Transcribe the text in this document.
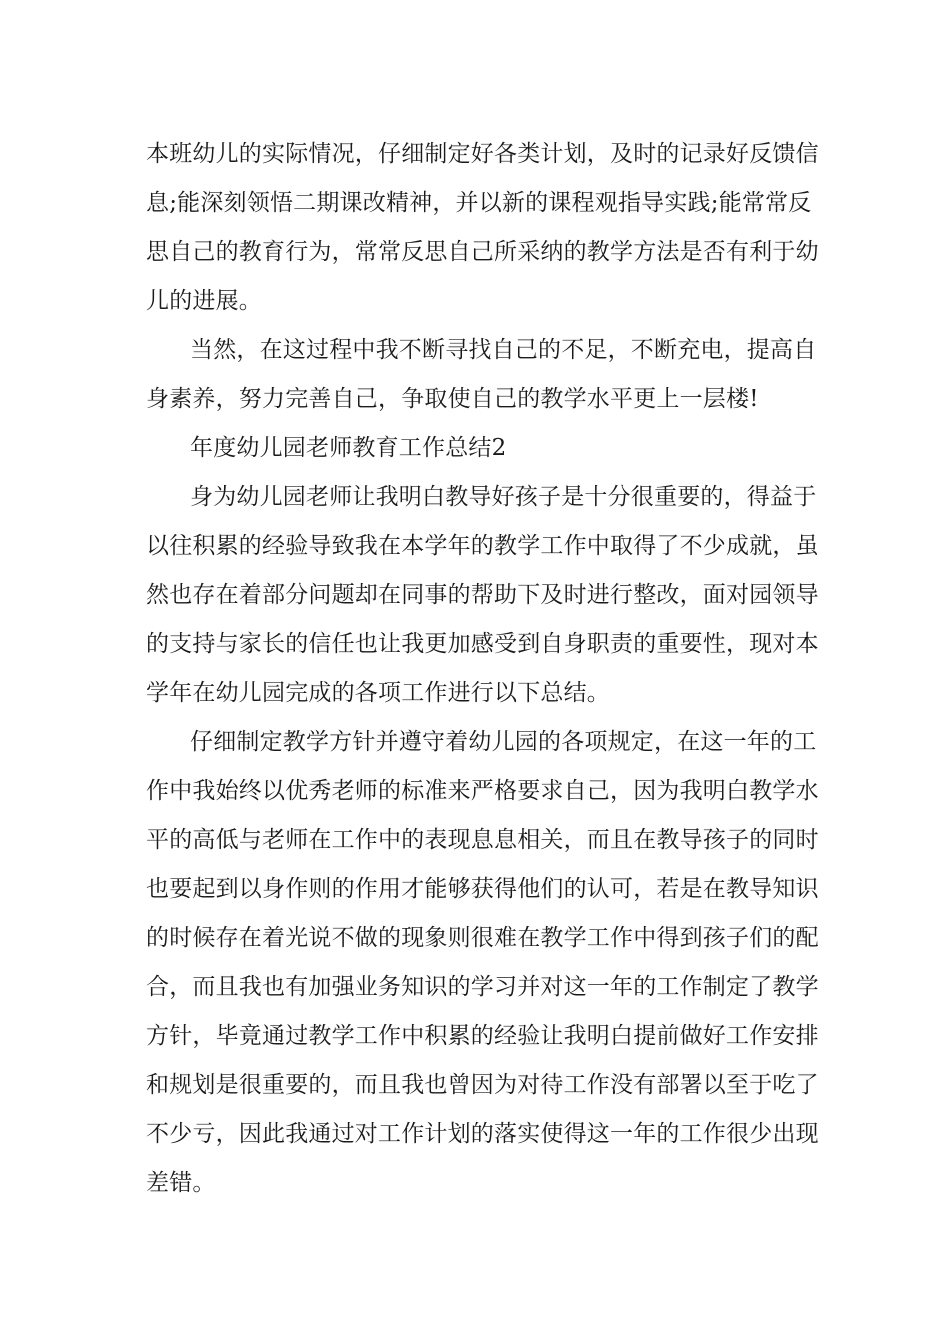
本班幼儿的实际情况，仔细制定好各类计划，及时的记录好反馈信
息;能深刻领悟二期课改精神，并以新的课程观指导实践;能常常反
思自己的教育行为，常常反思自己所采纳的教学方法是否有利于幼
儿的进展。
当然，在这过程中我不断寻找自己的不足，不断充电，提高自
身素养，努力完善自己，争取使自己的教学水平更上一层楼!
年度幼儿园老师教育工作总结2
身为幼儿园老师让我明白教导好孩子是十分很重要的，得益于
以往积累的经验导致我在本学年的教学工作中取得了不少成就，虽
然也存在着部分问题却在同事的帮助下及时进行整改，面对园领导
的支持与家长的信任也让我更加感受到自身职责的重要性，现对本
学年在幼儿园完成的各项工作进行以下总结。
仔细制定教学方针并遵守着幼儿园的各项规定，在这一年的工
作中我始终以优秀老师的标准来严格要求自己，因为我明白教学水
平的高低与老师在工作中的表现息息相关，而且在教导孩子的同时
也要起到以身作则的作用才能够获得他们的认可，若是在教导知识
的时候存在着光说不做的现象则很难在教学工作中得到孩子们的配
合，而且我也有加强业务知识的学习并对这一年的工作制定了教学
方针，毕竟通过教学工作中积累的经验让我明白提前做好工作安排
和规划是很重要的，而且我也曾因为对待工作没有部署以至于吃了
不少亏，因此我通过对工作计划的落实使得这一年的工作很少出现
差错。
